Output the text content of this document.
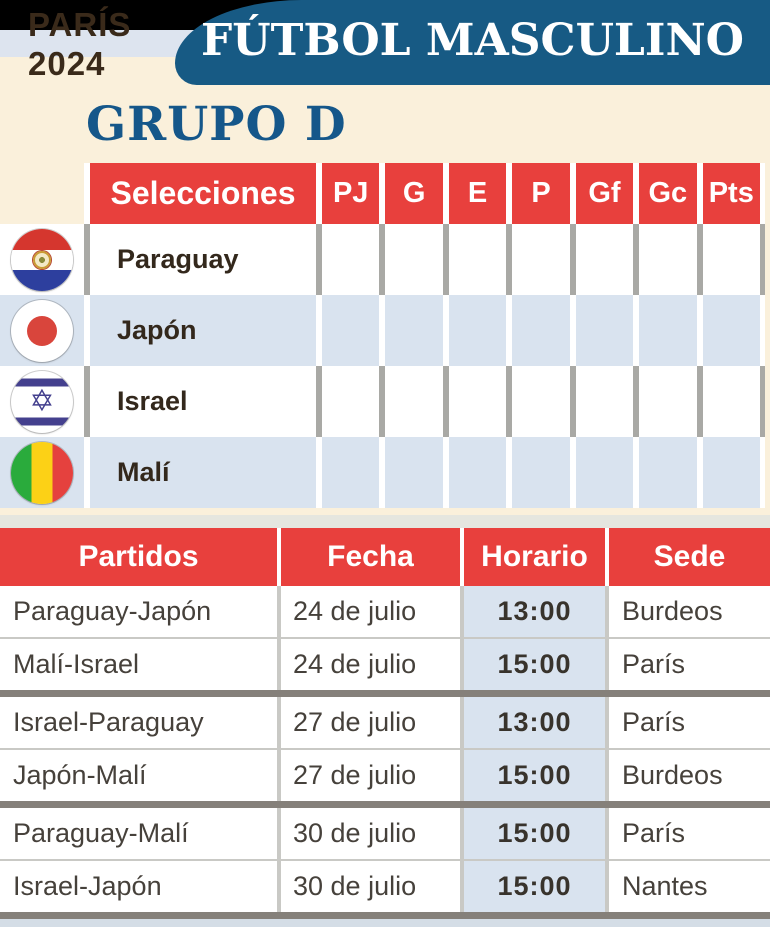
FÚTBOL MASCULINO
PARÍS
2024
GRUPO D
Selecciones	PJ	G	E	P	Gf Gc Pts
Paraguay
Japón
✡	Israel
Malí
Partidos	Fecha	Horario	Sede
Paraguay-Japón	24 de julio	13:00	Burdeos
Malí-Israel	24 de julio	15:00	París
Israel-Paraguay	27 de julio	13:00	París
Japón-Malí	27 de julio	15:00	Burdeos
Paraguay-Malí	30 de julio	15:00	París
Israel-Japón	30 de julio	15:00	Nantes
